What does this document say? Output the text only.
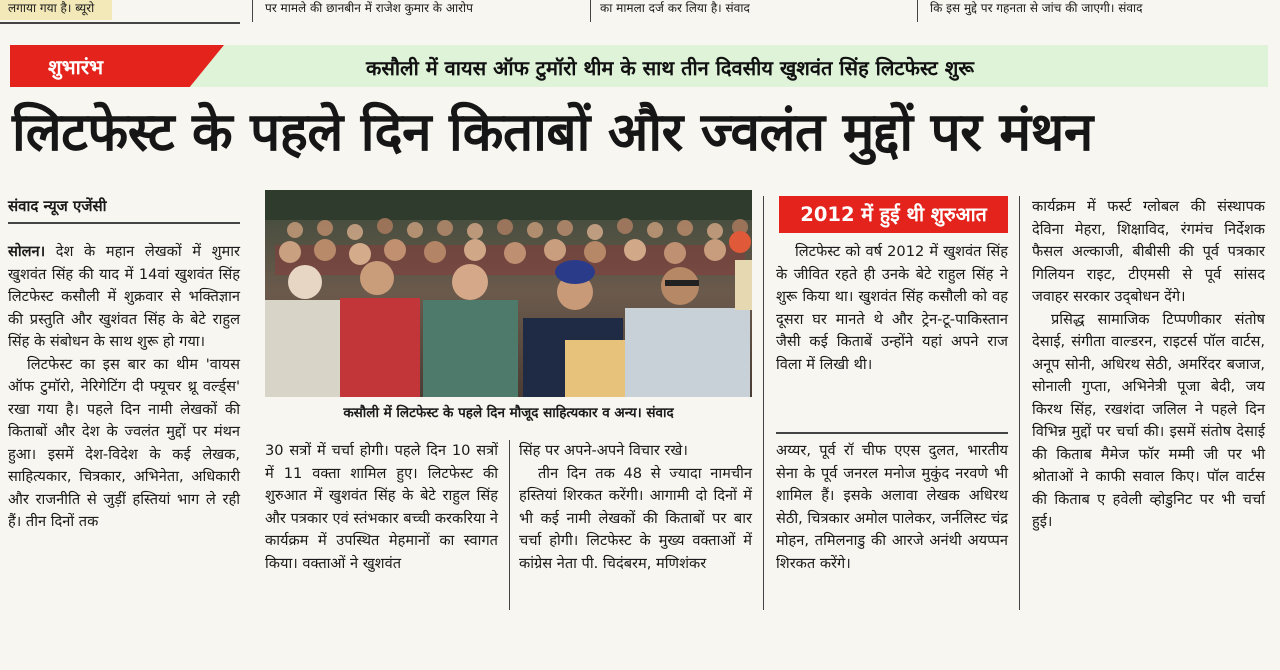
लगाया गया है। ब्यूरो	पर मामले की छानबीन में राजेश कुमार के आरोप	का मामला दर्ज कर लिया है। संवाद	कि इस मुद्दे पर गहनता से जांच की जाएगी। संवाद
शुभारंभ	कसौली में वायस ऑफ टुमॉरो थीम के साथ तीन दिवसीय खुशवंत सिंह लिटफेस्ट शुरू
लिटफेस्ट के पहले दिन किताबों और ज्वलंत मुद्दों पर मंथन
संवाद न्यूज एजेंसी

सोलन। देश के महान लेखकों में शुमार खुशवंत सिंह की याद में 14वां खुशवंत सिंह लिटफेस्ट कसौली में शुक्रवार से भक्तिज्ञान की प्रस्तुति और खुशंवत सिंह के बेटे राहुल सिंह के संबोधन के साथ शुरू हो गया।

लिटफेस्ट का इस बार का थीम 'वायस ऑफ टुमॉरो, नेरिगेटिंग दी फ्यूचर थ्रू वर्ल्ड्स' रखा गया है। पहले दिन नामी लेखकों की किताबों और देश के ज्वलंत मुद्दों पर मंथन हुआ। इसमें देश-विदेश के कई लेखक, साहित्यकार, चित्रकार, अभिनेता, अधिकारी और राजनीति से जुड़ीं हस्तियां भाग ले रही हैं। तीन दिनों तक

कसौली में लिटफेस्ट के पहले दिन मौजूद साहित्यकार व अन्य। संवाद

30 सत्रों में चर्चा होगी। पहले दिन 10 सत्रों में 11 वक्ता शामिल हुए। लिटफेस्ट की शुरुआत में खुशवंत सिंह के बेटे राहुल सिंह और पत्रकार एवं स्तंभकार बच्ची करकरिया ने कार्यक्रम में उपस्थित मेहमानों का स्वागत किया। वक्ताओं ने खुशवंत

सिंह पर अपने-अपने विचार रखे।

तीन दिन तक 48 से ज्यादा नामचीन हस्तियां शिरकत करेंगी। आगामी दो दिनों में भी कई नामी लेखकों की किताबों पर बार चर्चा होगी। लिटफेस्ट के मुख्य वक्ताओं में कांग्रेस नेता पी. चिदंबरम, मणिशंकर

2012 में हुई थी शुरुआत

लिटफेस्ट को वर्ष 2012 में खुशवंत सिंह के जीवित रहते ही उनके बेटे राहुल सिंह ने शुरू किया था। खुशवंत सिंह कसौली को वह दूसरा घर मानते थे और ट्रेन-टू-पाकिस्तान जैसी कई किताबें उन्होंने यहां अपने राज विला में लिखी थी।

अय्यर, पूर्व रॉ चीफ एएस दुलत, भारतीय सेना के पूर्व जनरल मनोज मुकुंद नरवणे भी शामिल हैं। इसके अलावा लेखक अधिरथ सेठी, चित्रकार अमोल पालेकर, जर्नलिस्ट चंद्र मोहन, तमिलनाडु की आरजे अनंथी अयप्पन शिरकत करेंगे।

कार्यक्रम में फर्स्ट ग्लोबल की संस्थापक देविना मेहरा, शिक्षाविद, रंगमंच निर्देशक फैसल अल्काजी, बीबीसी की पूर्व पत्रकार गिलियन राइट, टीएमसी से पूर्व सांसद जवाहर सरकार उद्‍बोधन देंगे।

प्रसिद्ध सामाजिक टिप्पणीकार संतोष देसाई, संगीता वाल्डरन, राइटर्स पॉल वार्टस, अनूप सोनी, अधिरथ सेठी, अमरिंदर बजाज, सोनाली गुप्ता, अभिनेत्री पूजा बेदी, जय किरथ सिंह, रखशंदा जलिल ने पहले दिन विभिन्न मुद्दों पर चर्चा की। इसमें संतोष देसाई की किताब मैमेज फॉर मम्मी जी पर भी श्रोताओं ने काफी सवाल किए। पॉल वार्टस की किताब ए हवेली व्होडुनिट पर भी चर्चा हुई।
